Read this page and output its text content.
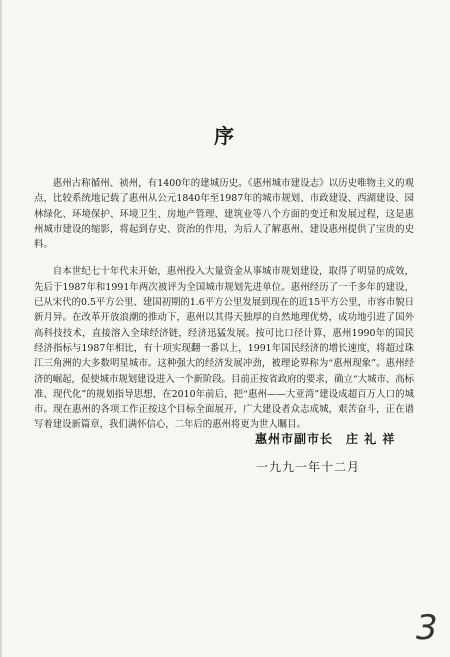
序

惠州古称循州、祯州，有1400年的建城历史。《惠州城市建设志》以历史唯物主义的观点，比较系统地记载了惠州从公元1840年至1987年的城市规划、市政建设、西湖建设、园林绿化、环境保护、环境卫生、房地产管理、建筑业等八个方面的变迁和发展过程，这是惠州城市建设的缩影，将起到存史、资治的作用，为后人了解惠州、建设惠州提供了宝贵的史料。

自本世纪七十年代末开始，惠州投入大量资金从事城市规划建设，取得了明显的成效，先后于1987年和1991年两次被评为全国城市规划先进单位。惠州经历了一千多年的建设，已从宋代的0.5平方公里、建国初期的1.6平方公里发展到现在的近15平方公里，市容市貌日新月异。在改革开放浪潮的推动下，惠州以其得天独厚的自然地理优势，成功地引进了国外高科技技术，直接溶入全球经济链，经济迅猛发展。按可比口径计算，惠州1990年的国民经济指标与1987年相比，有十项实现翻一番以上，1991年国民经济的增长速度，将超过珠江三角洲的大多数明星城市。这种强大的经济发展冲劲，被理论界称为“惠州现象”。惠州经济的崛起，促使城市规划建设进入一个新阶段。目前正按省政府的要求，确立“大城市、高标准、现代化”的规划指导思想，在2010年前后，把“惠州——大亚湾”建设成超百万人口的城市。现在惠州的各项工作正按这个目标全面展开，广大建设者众志成城，艰苦奋斗，正在谱写着建设新篇章，我们满怀信心，二年后的惠州将更为世人瞩目。

惠州市副市长　庄 礼 祥
一九九一年十二月
3
